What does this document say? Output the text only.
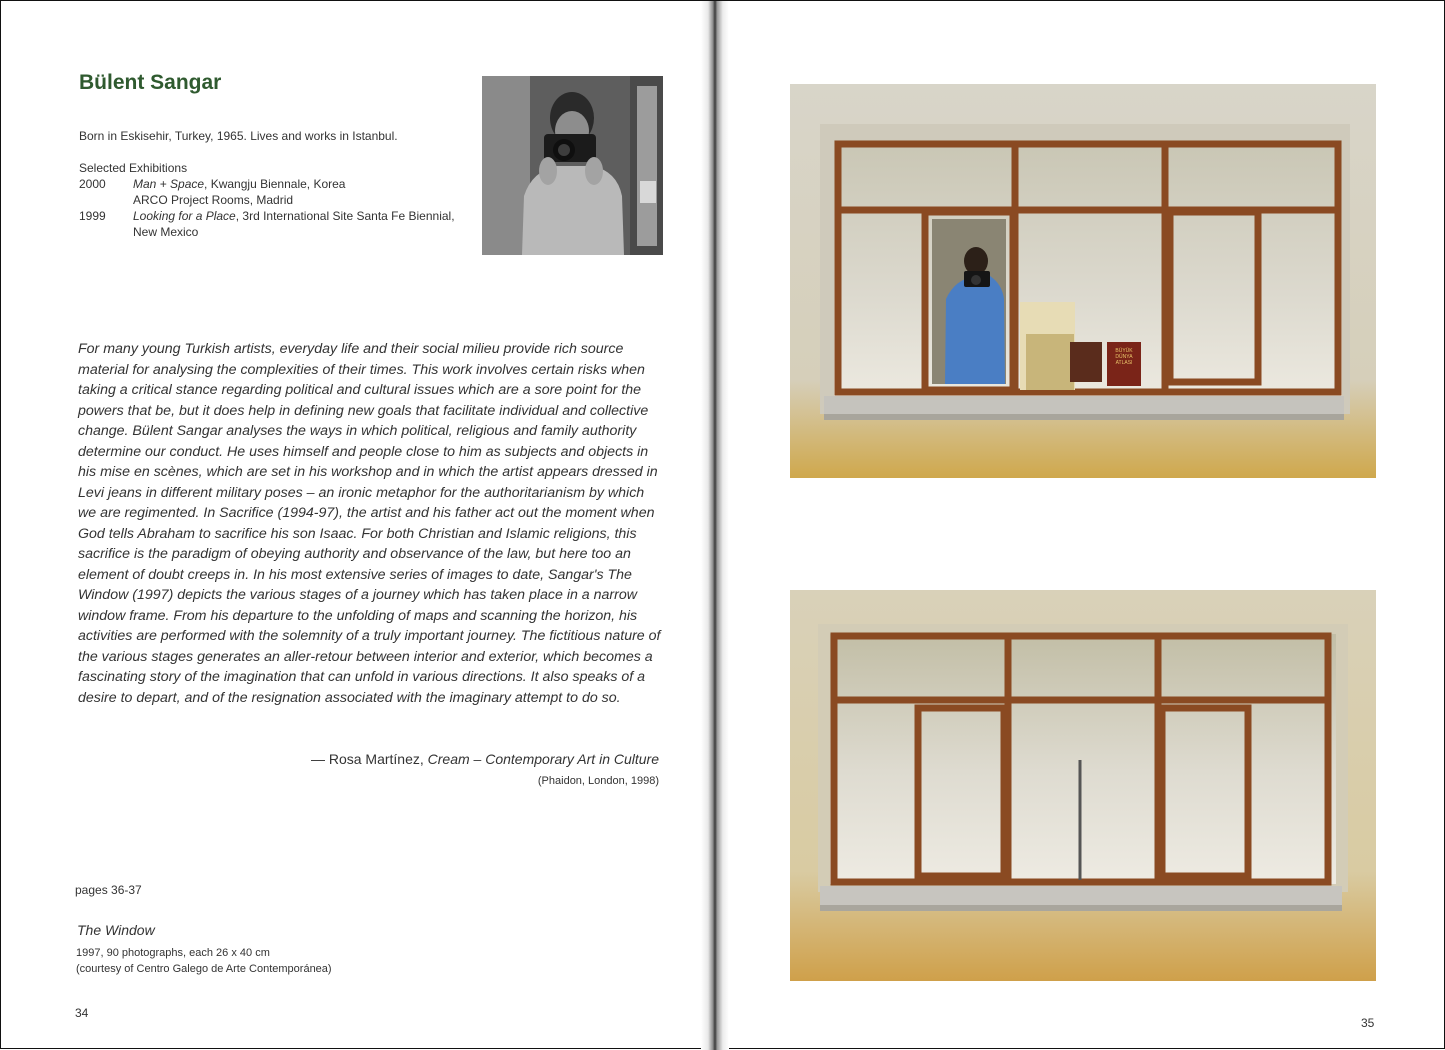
Bülent Sangar
Born in Eskisehir, Turkey, 1965. Lives and works in Istanbul.
Selected Exhibitions
2000 Man + Space, Kwangju Biennale, Korea
ARCO Project Rooms, Madrid
1999 Looking for a Place, 3rd International Site Santa Fe Biennial, New Mexico

For many young Turkish artists, everyday life and their social milieu provide rich source material for analysing the complexities of their times. This work involves certain risks when taking a critical stance regarding political and cultural issues which are a sore point for the powers that be, but it does help in defining new goals that facilitate individual and collective change. Bülent Sangar analyses the ways in which political, religious and family authority determine our conduct. He uses himself and people close to him as subjects and objects in his mise en scènes, which are set in his workshop and in which the artist appears dressed in Levi jeans in different military poses – an ironic metaphor for the authoritarianism by which we are regimented. In Sacrifice (1994-97), the artist and his father act out the moment when God tells Abraham to sacrifice his son Isaac. For both Christian and Islamic religions, this sacrifice is the paradigm of obeying authority and observance of the law, but here too an element of doubt creeps in. In his most extensive series of images to date, Sangar's The Window (1997) depicts the various stages of a journey which has taken place in a narrow window frame. From his departure to the unfolding of maps and scanning the horizon, his activities are performed with the solemnity of a truly important journey. The fictitious nature of the various stages generates an aller-retour between interior and exterior, which becomes a fascinating story of the imagination that can unfold in various directions. It also speaks of a desire to depart, and of the resignation associated with the imaginary attempt to do so.

— Rosa Martínez, Cream – Contemporary Art in Culture
(Phaidon, London, 1998)
pages 36-37
The Window
1997, 90 photographs, each 26 x 40 cm
(courtesy of Centro Galego de Arte Contemporánea)
34
BÜYÜK
DÜNYA
ATLASI
35
